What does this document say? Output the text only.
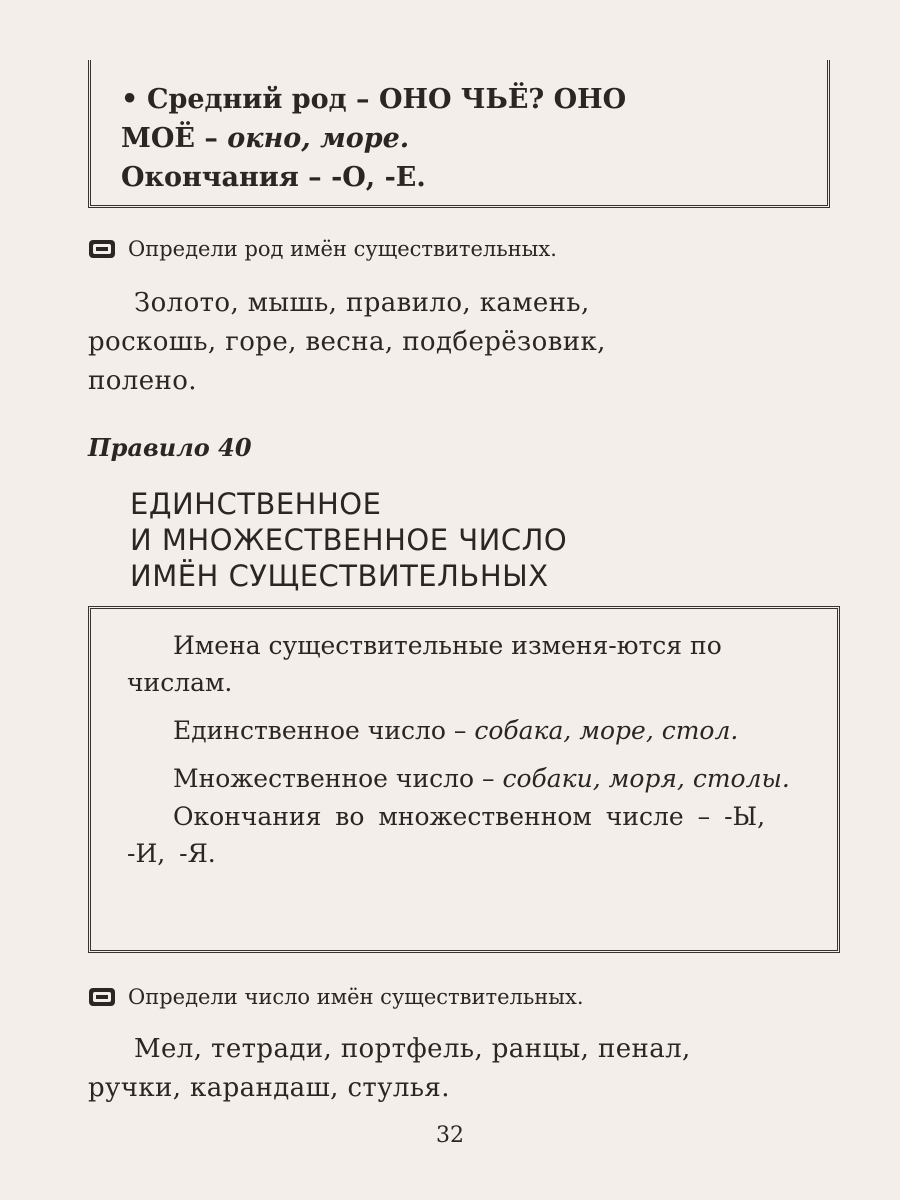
• Средний род – ОНО ЧЬЁ? ОНО
МОЁ – окно, море.
Окончания – -О, -Е.
Определи род имён существительных.
Золото, мышь, правило, камень,
роскошь, горе, весна, подберёзовик,
полено.
Правило 40
ЕДИНСТВЕННОЕ
И МНОЖЕСТВЕННОЕ ЧИСЛО
ИМЁН СУЩЕСТВИТЕЛЬНЫХ
Имена существительные изменя-ются по числам.
Единственное число – собака, море, стол.
Множественное число – собаки, моря, столы.
Окончания во множественном числе – -Ы, -И, -Я.
Определи число имён существительных.
Мел, тетради, портфель, ранцы, пенал,
ручки, карандаш, стулья.
32
